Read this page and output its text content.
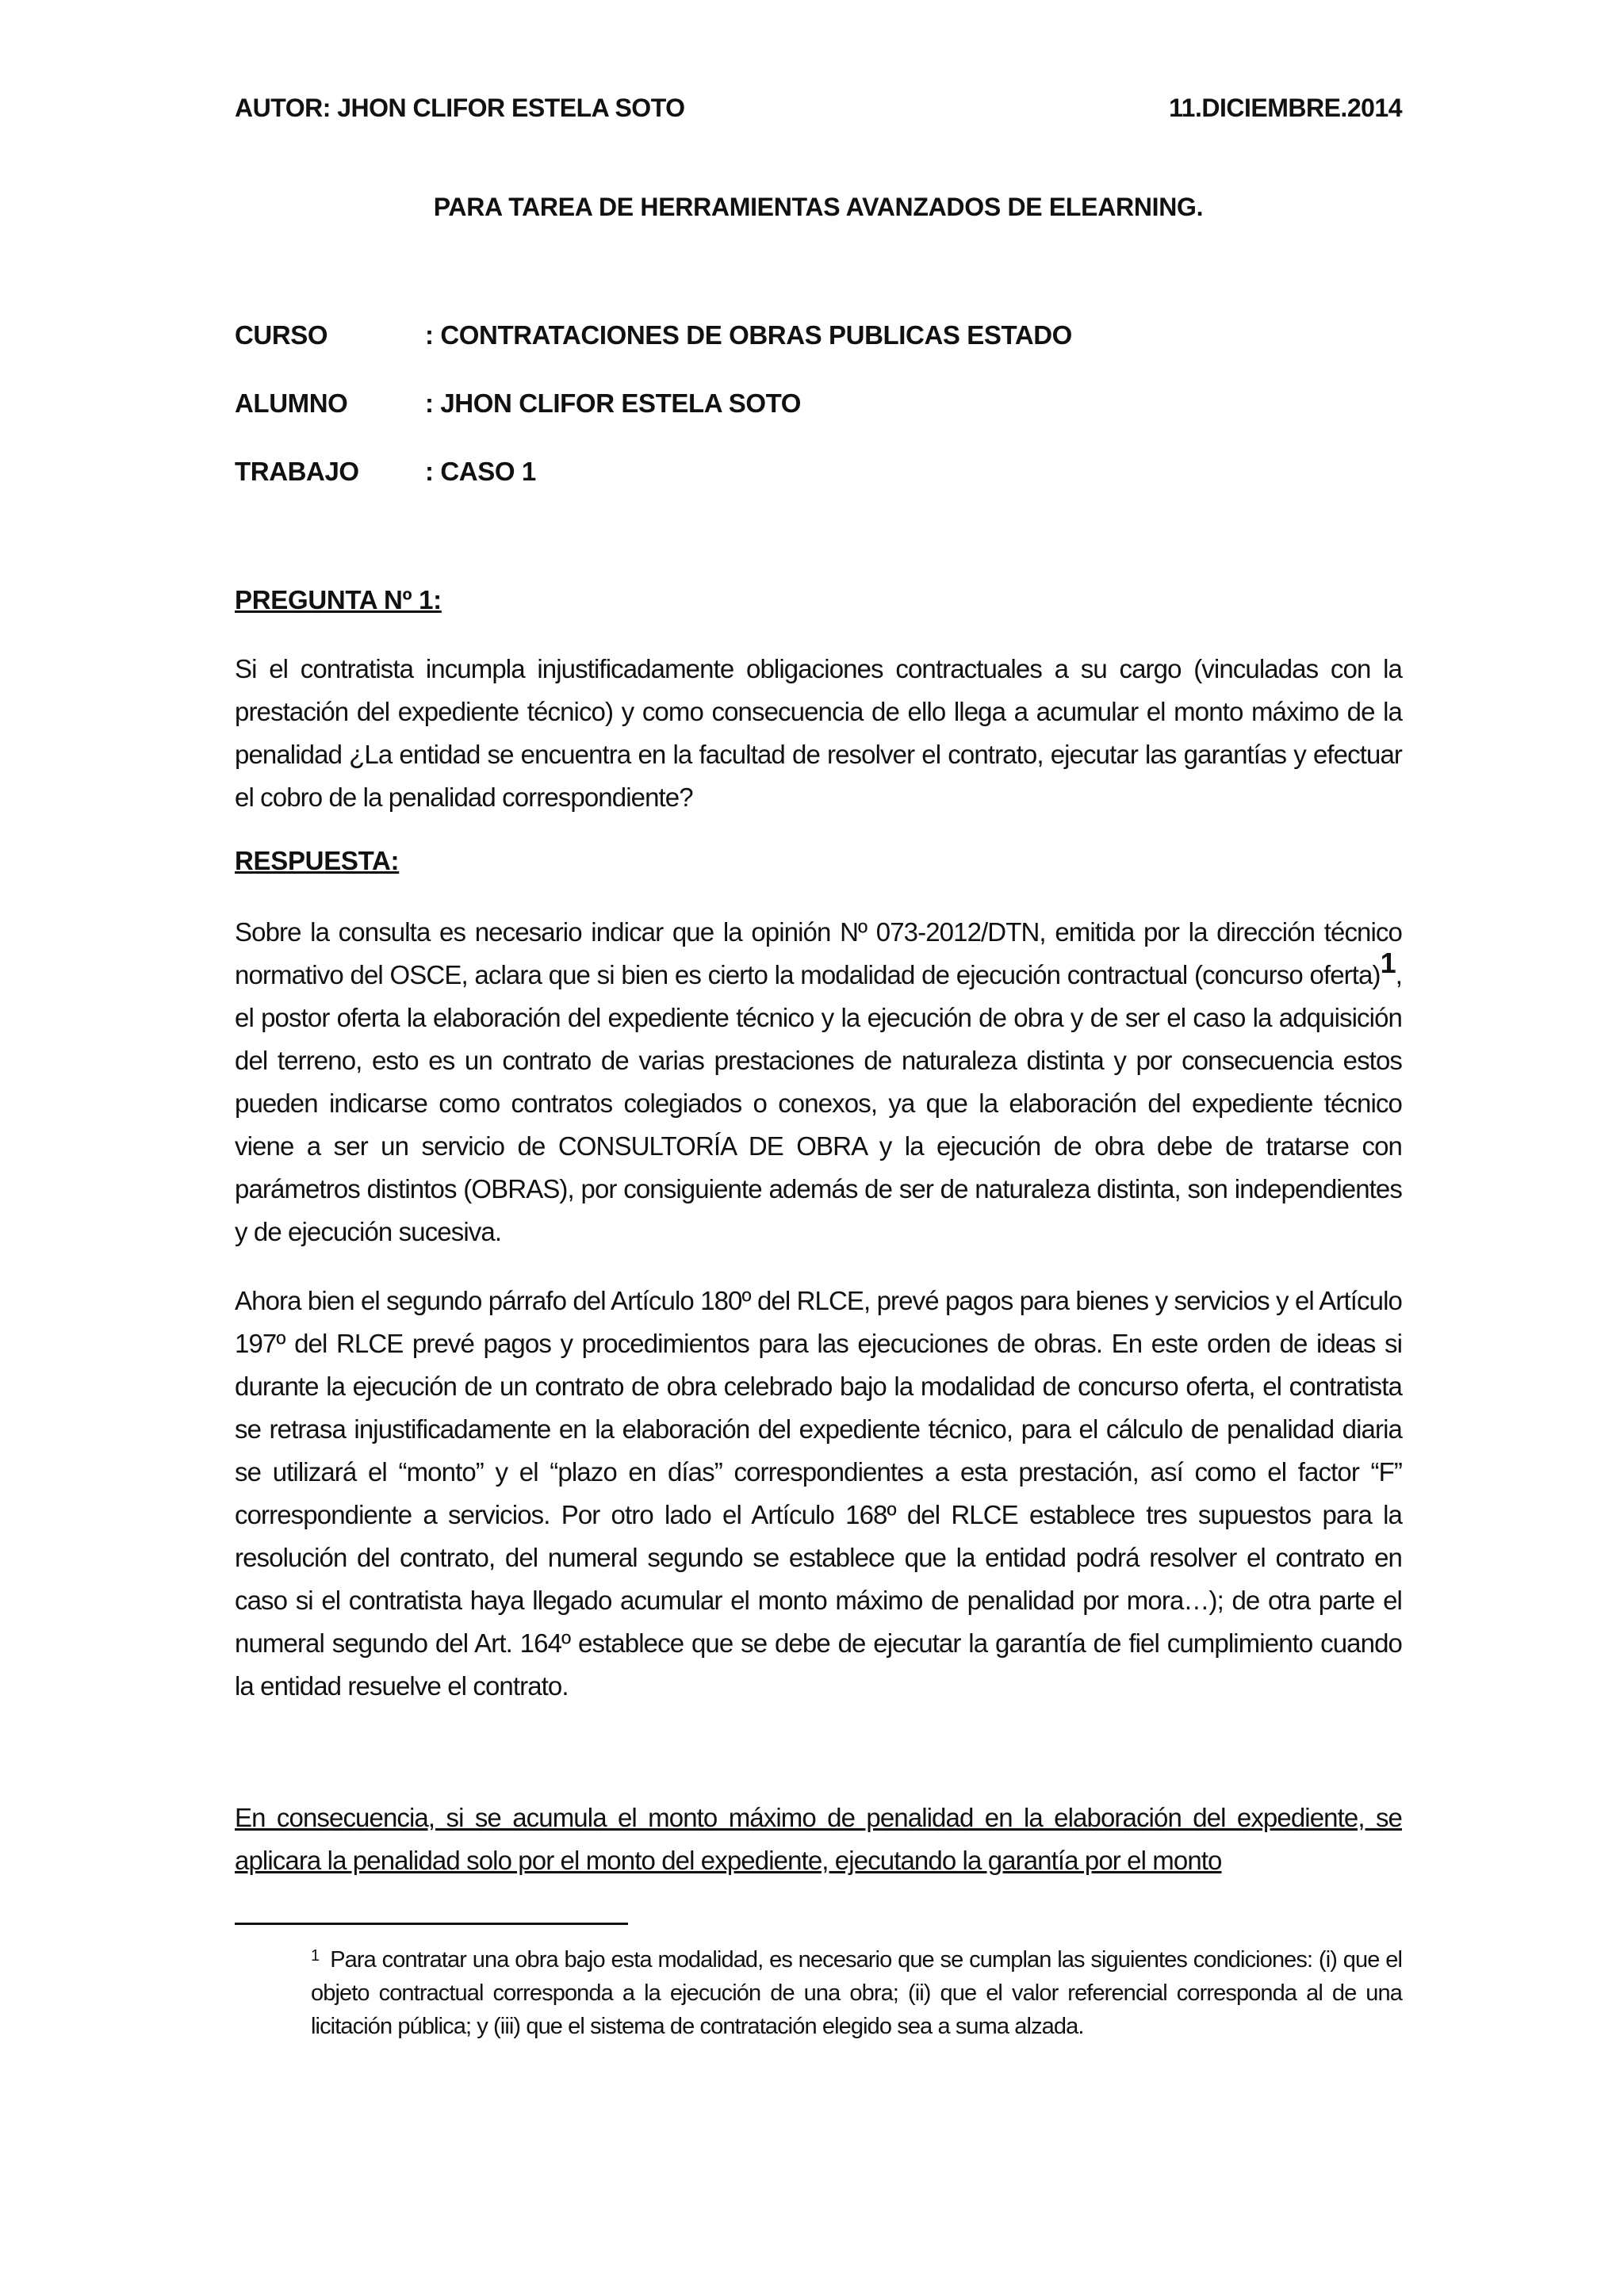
AUTOR: JHON CLIFOR ESTELA SOTO	11.DICIEMBRE.2014
PARA TAREA DE HERRAMIENTAS AVANZADOS DE ELEARNING.
CURSO	: CONTRATACIONES DE OBRAS PUBLICAS ESTADO
ALUMNO	: JHON CLIFOR ESTELA SOTO
TRABAJO	: CASO 1
PREGUNTA Nº 1:

Si el contratista incumpla injustificadamente obligaciones contractuales a su cargo (vinculadas con la prestación del expediente técnico) y como consecuencia de ello llega a acumular el monto máximo de la penalidad ¿La entidad se encuentra en la facultad de resolver el contrato, ejecutar las garantías y efectuar el cobro de la penalidad correspondiente?

RESPUESTA:

Sobre la consulta es necesario indicar que la opinión Nº 073-2012/DTN, emitida por la dirección técnico normativo del OSCE, aclara que si bien es cierto la modalidad de ejecución contractual (concurso oferta)$^1$, el postor oferta la elaboración del expediente técnico y la ejecución de obra y de ser el caso la adquisición del terreno, esto es un contrato de varias prestaciones de naturaleza distinta y por consecuencia estos pueden indicarse como contratos colegiados o conexos, ya que la elaboración del expediente técnico viene a ser un servicio de CONSULTORÍA DE OBRA y la ejecución de obra debe de tratarse con parámetros distintos (OBRAS), por consiguiente además de ser de naturaleza distinta, son independientes y de ejecución sucesiva.

Ahora bien el segundo párrafo del Artículo 180º del RLCE, prevé pagos para bienes y servicios y el Artículo 197º del RLCE prevé pagos y procedimientos para las ejecuciones de obras. En este orden de ideas si durante la ejecución de un contrato de obra celebrado bajo la modalidad de concurso oferta, el contratista se retrasa injustificadamente en la elaboración del expediente técnico, para el cálculo de penalidad diaria se utilizará el “monto” y el “plazo en días” correspondientes a esta prestación, así como el factor “F” correspondiente a servicios. Por otro lado el Artículo 168º del RLCE establece tres supuestos para la resolución del contrato, del numeral segundo se establece que la entidad podrá resolver el contrato en caso si el contratista haya llegado acumular el monto máximo de penalidad por mora…); de otra parte el numeral segundo del Art. 164º establece que se debe de ejecutar la garantía de fiel cumplimiento cuando la entidad resuelve el contrato.

En consecuencia, si se acumula el monto máximo de penalidad en la elaboración del expediente, se aplicara la penalidad solo por el monto del expediente, ejecutando la garantía por el monto

$^1$ Para contratar una obra bajo esta modalidad, es necesario que se cumplan las siguientes condiciones: (i) que el objeto contractual corresponda a la ejecución de una obra; (ii) que el valor referencial corresponda al de una licitación pública; y (iii) que el sistema de contratación elegido sea a suma alzada.
